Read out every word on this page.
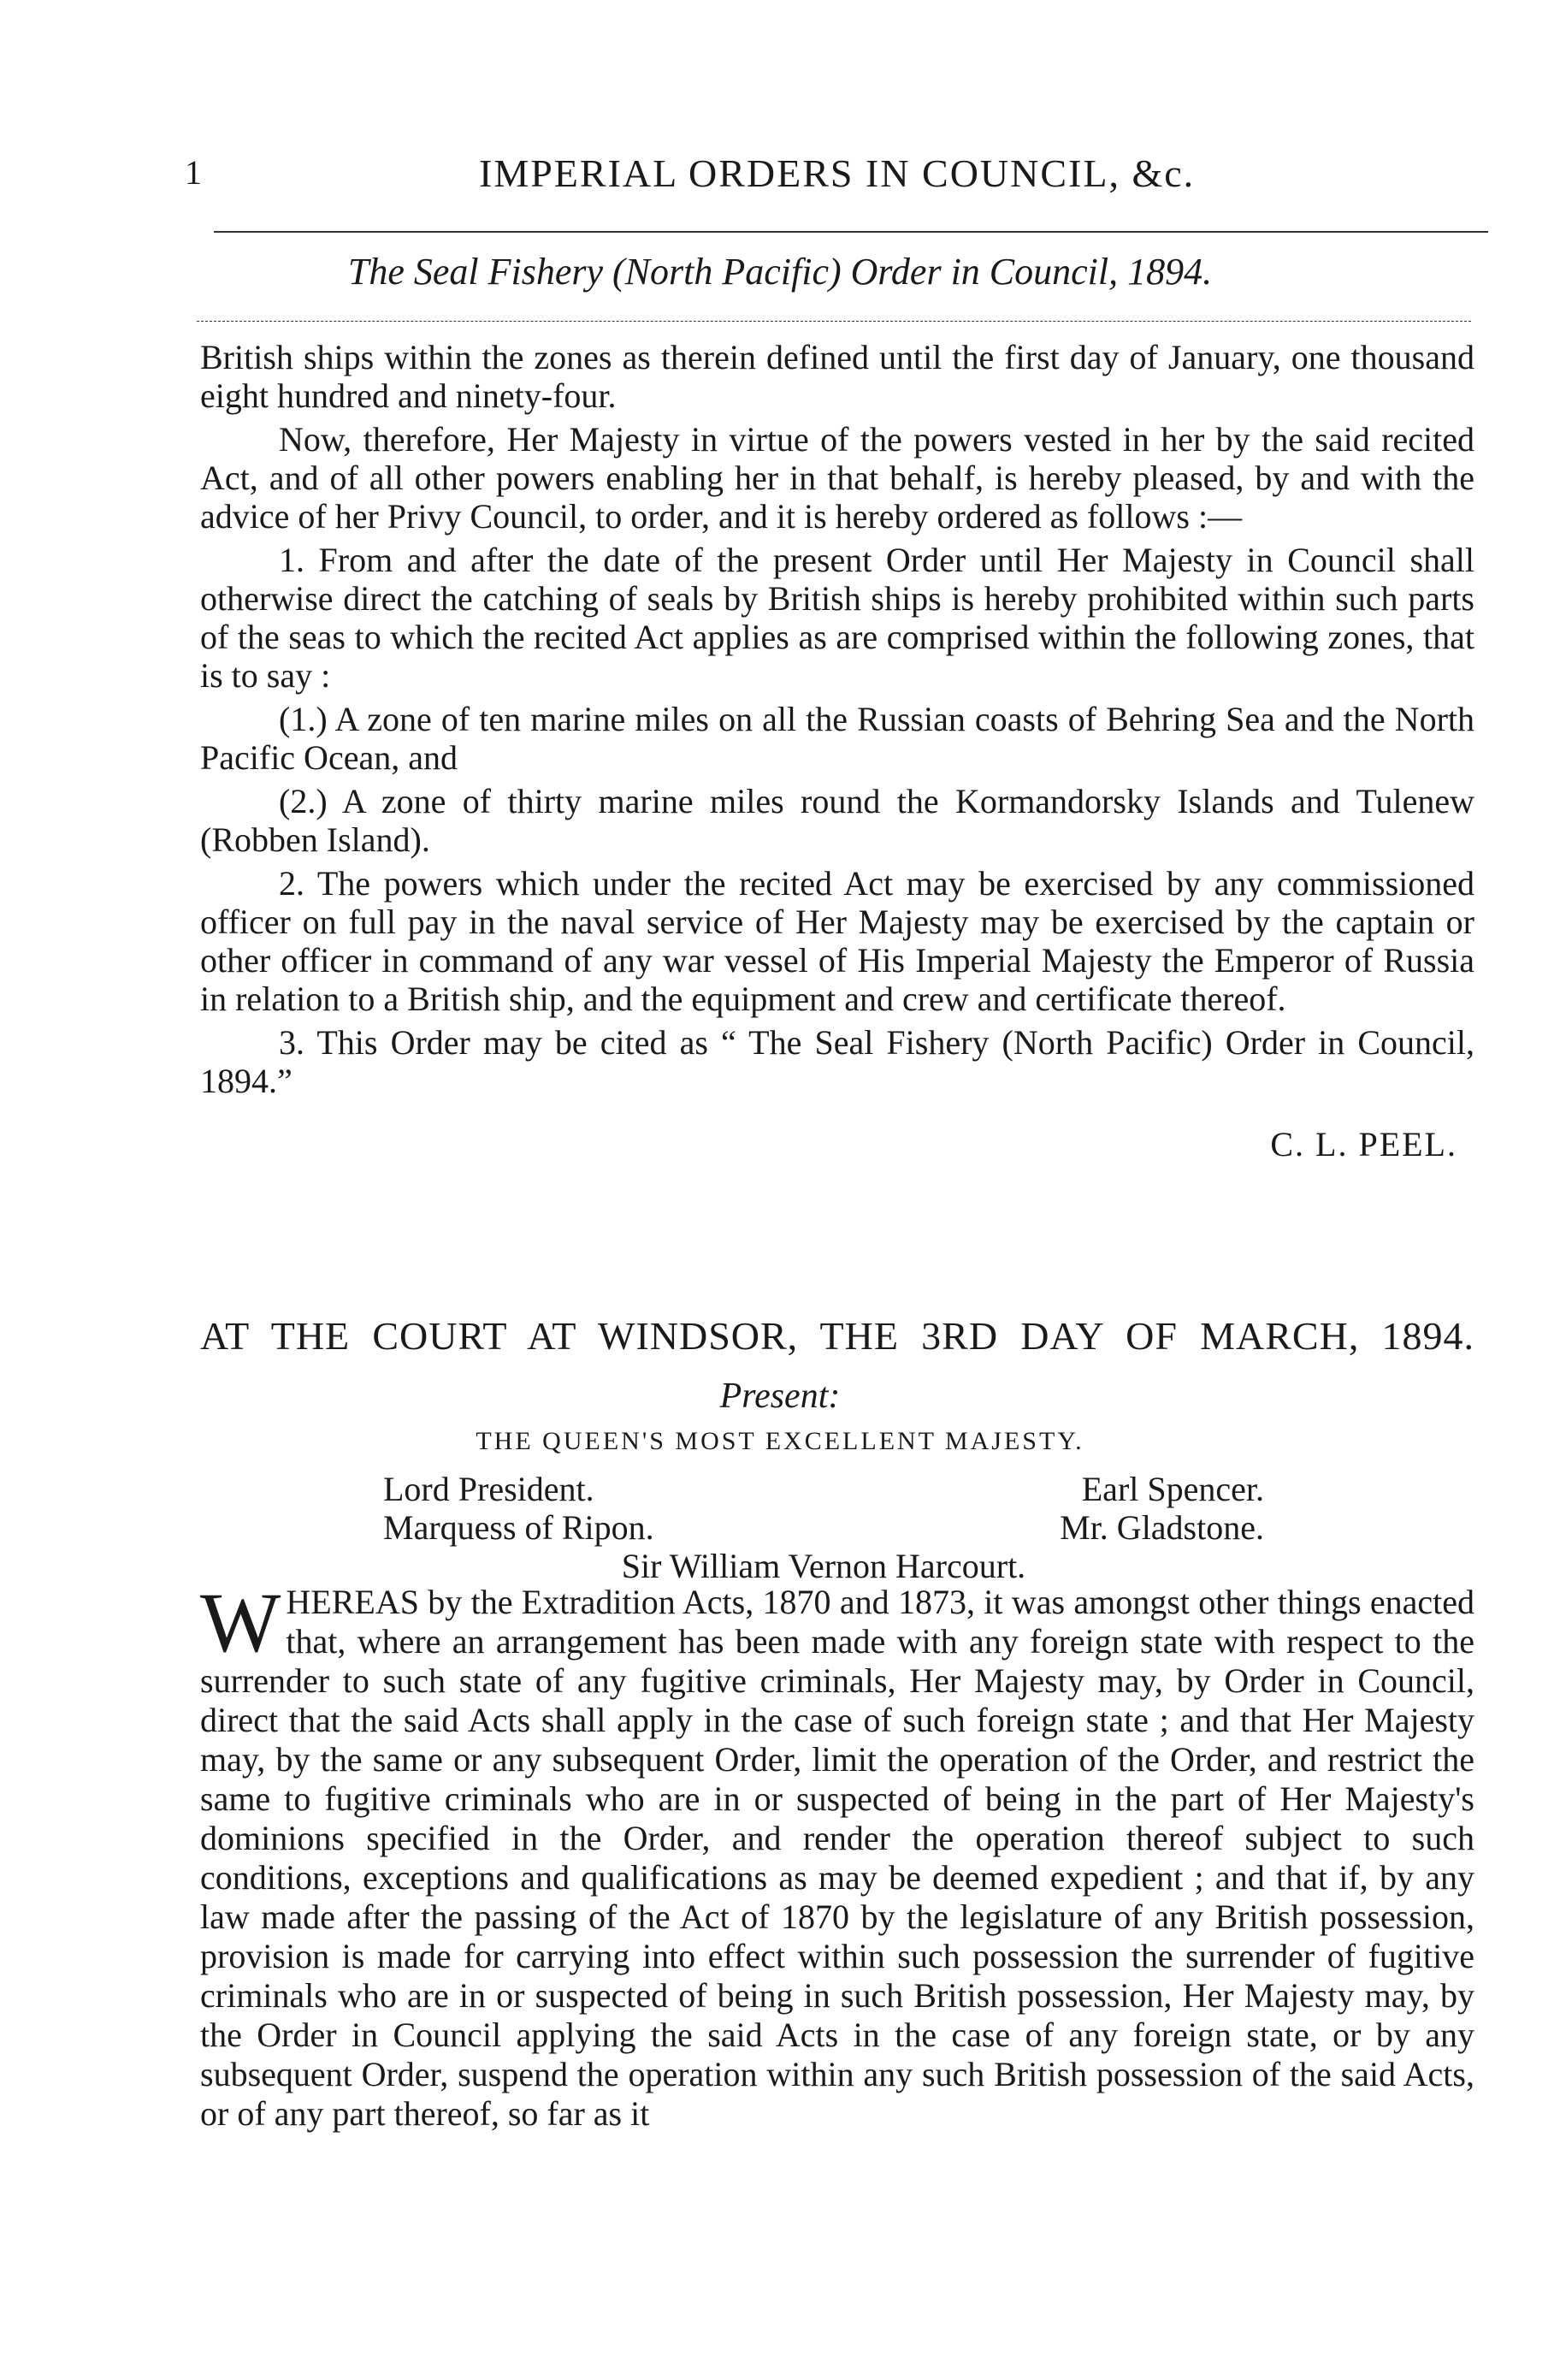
1	IMPERIAL ORDERS IN COUNCIL, &c.
The Seal Fishery (North Pacific) Order in Council, 1894.

British ships within the zones as therein defined until the first day of January, one thousand eight hundred and ninety-four.

Now, therefore, Her Majesty in virtue of the powers vested in her by the said recited Act, and of all other powers enabling her in that behalf, is hereby pleased, by and with the advice of her Privy Council, to order, and it is hereby ordered as follows :—

1. From and after the date of the present Order until Her Majesty in Council shall otherwise direct the catching of seals by British ships is hereby prohibited within such parts of the seas to which the recited Act applies as are comprised within the following zones, that is to say :

(1.) A zone of ten marine miles on all the Russian coasts of Behring Sea and the North Pacific Ocean, and

(2.) A zone of thirty marine miles round the Kormandorsky Islands and Tulenew (Robben Island).

2. The powers which under the recited Act may be exercised by any commissioned officer on full pay in the naval service of Her Majesty may be exercised by the captain or other officer in command of any war vessel of His Imperial Majesty the Emperor of Russia in relation to a British ship, and the equipment and crew and certificate thereof.

3. This Order may be cited as “ The Seal Fishery (North Pacific) Order in Council, 1894.”

C. L. PEEL.
AT THE COURT AT WINDSOR, THE 3RD DAY OF MARCH, 1894.
Present:
THE QUEEN'S MOST EXCELLENT MAJESTY.
Lord President.	Earl Spencer.
Marquess of Ripon.	Mr. Gladstone.
Sir William Vernon Harcourt.
W HEREAS by the Extradition Acts, 1870 and 1873, it was amongst other things enacted that, where an arrangement has been made with any foreign state with respect to the surrender to such state of any fugitive criminals, Her Majesty may, by Order in Council, direct that the said Acts shall apply in the case of such foreign state ; and that Her Majesty may, by the same or any subsequent Order, limit the operation of the Order, and restrict the same to fugitive criminals who are in or suspected of being in the part of Her Majesty's dominions specified in the Order, and render the operation thereof subject to such conditions, exceptions and qualifications as may be deemed expedient ; and that if, by any law made after the passing of the Act of 1870 by the legislature of any British possession, provision is made for carrying into effect within such possession the surrender of fugitive criminals who are in or suspected of being in such British possession, Her Majesty may, by the Order in Council applying the said Acts in the case of any foreign state, or by any subsequent Order, suspend the operation within any such British possession of the said Acts, or of any part thereof, so far as it
